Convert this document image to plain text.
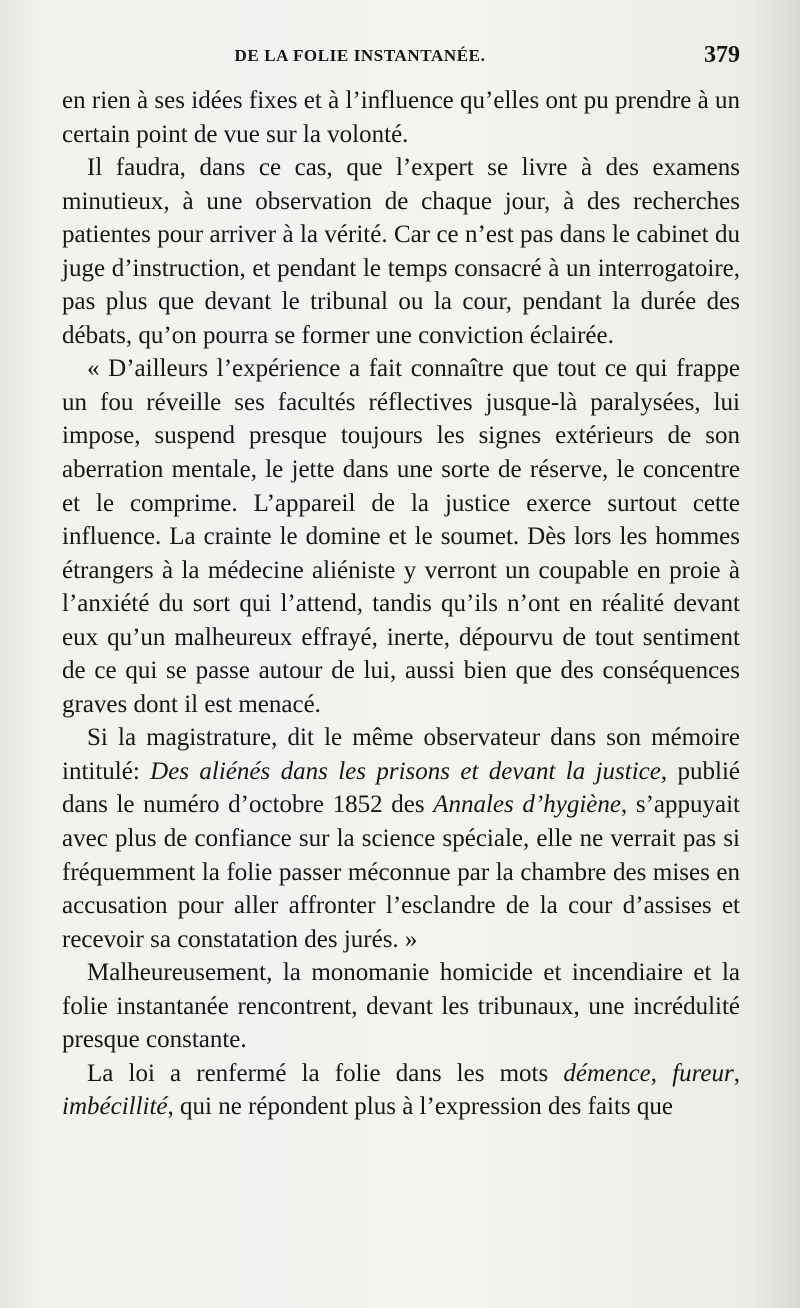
DE LA FOLIE INSTANTANÉE.	379

en rien à ses idées fixes et à l’influence qu’elles ont pu prendre à un certain point de vue sur la volonté.

Il faudra, dans ce cas, que l’expert se livre à des examens minutieux, à une observation de chaque jour, à des recherches patientes pour arriver à la vérité. Car ce n’est pas dans le cabinet du juge d’instruction, et pendant le temps consacré à un interrogatoire, pas plus que devant le tribunal ou la cour, pendant la durée des débats, qu’on pourra se former une conviction éclairée.

« D’ailleurs l’expérience a fait connaître que tout ce qui frappe un fou réveille ses facultés réflectives jusque-là paralysées, lui impose, suspend presque toujours les signes extérieurs de son aberration mentale, le jette dans une sorte de réserve, le concentre et le comprime. L’appareil de la justice exerce surtout cette influence. La crainte le domine et le soumet. Dès lors les hommes étrangers à la médecine aliéniste y verront un coupable en proie à l’anxiété du sort qui l’attend, tandis qu’ils n’ont en réalité devant eux qu’un malheureux effrayé, inerte, dépourvu de tout sentiment de ce qui se passe autour de lui, aussi bien que des conséquences graves dont il est menacé.

Si la magistrature, dit le même observateur dans son mémoire intitulé: Des aliénés dans les prisons et devant la justice, publié dans le numéro d’octobre 1852 des Annales d’hygiène, s’appuyait avec plus de confiance sur la science spéciale, elle ne verrait pas si fréquemment la folie passer méconnue par la chambre des mises en accusation pour aller affronter l’esclandre de la cour d’assises et recevoir sa constatation des jurés. »

Malheureusement, la monomanie homicide et incendiaire et la folie instantanée rencontrent, devant les tribunaux, une incrédulité presque constante.

La loi a renfermé la folie dans les mots démence, fureur, imbécillité, qui ne répondent plus à l’expression des faits que
